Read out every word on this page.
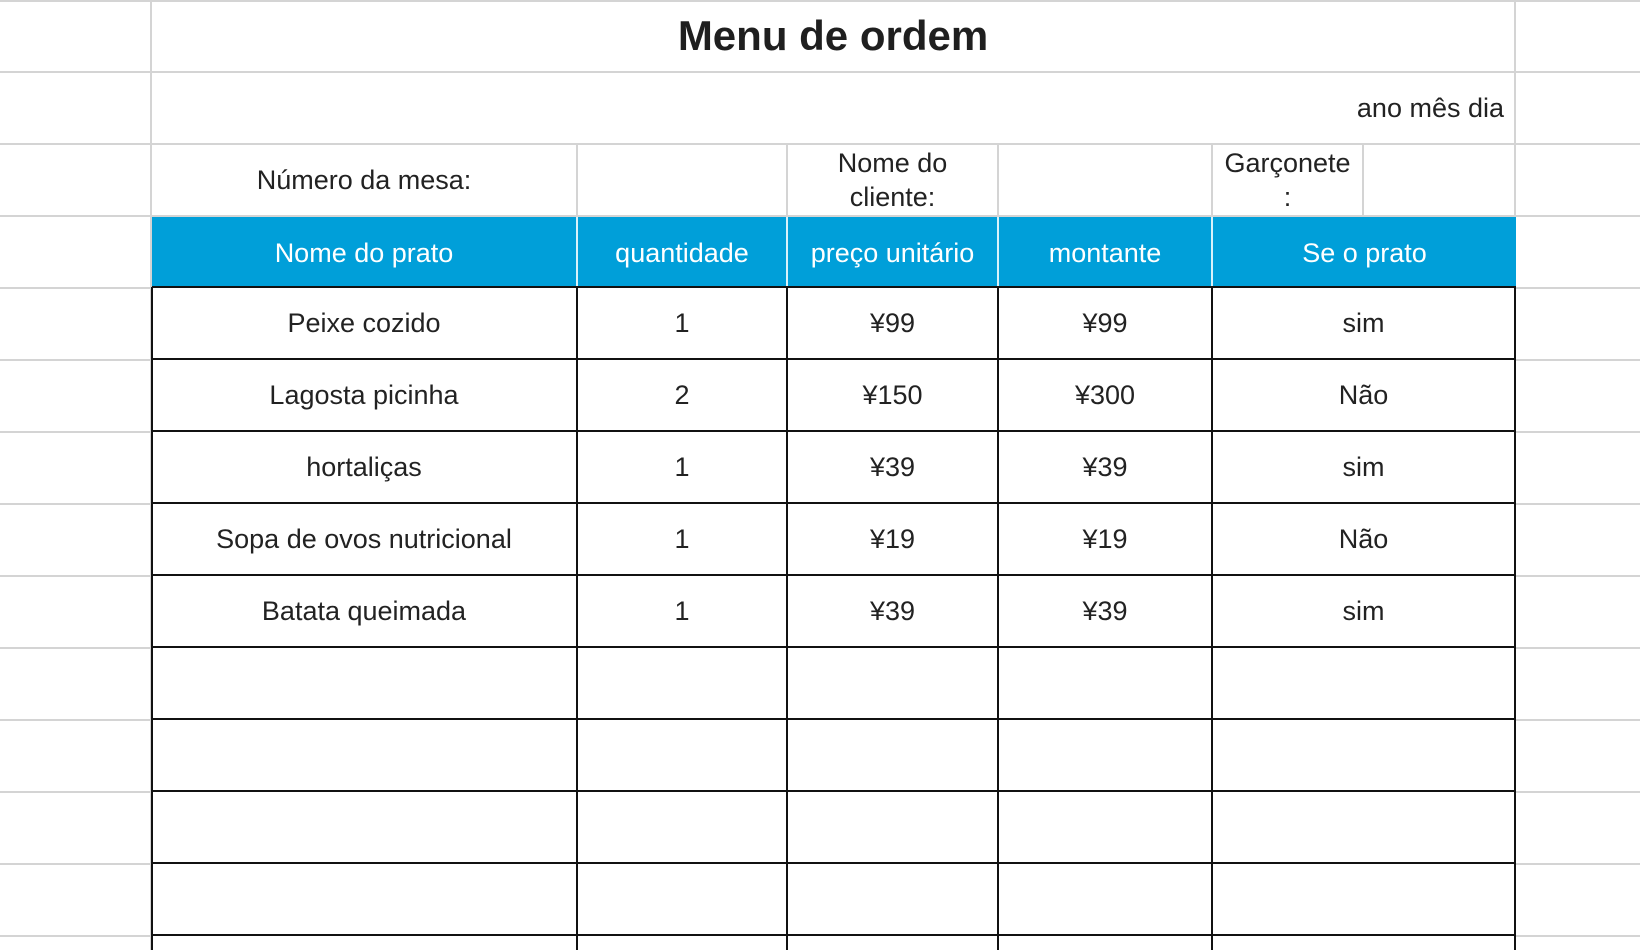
Menu de ordem
ano mês dia
Número da mesa:
Nome do
cliente:
Garçonete
:
Nome do prato	quantidade	preço unitário	montante	Se o prato
Peixe cozido	1	¥99	¥99	sim
Lagosta picinha	2	¥150	¥300	Não
hortaliças	1	¥39	¥39	sim
Sopa de ovos nutricional	1	¥19	¥19	Não
Batata queimada	1	¥39	¥39	sim
